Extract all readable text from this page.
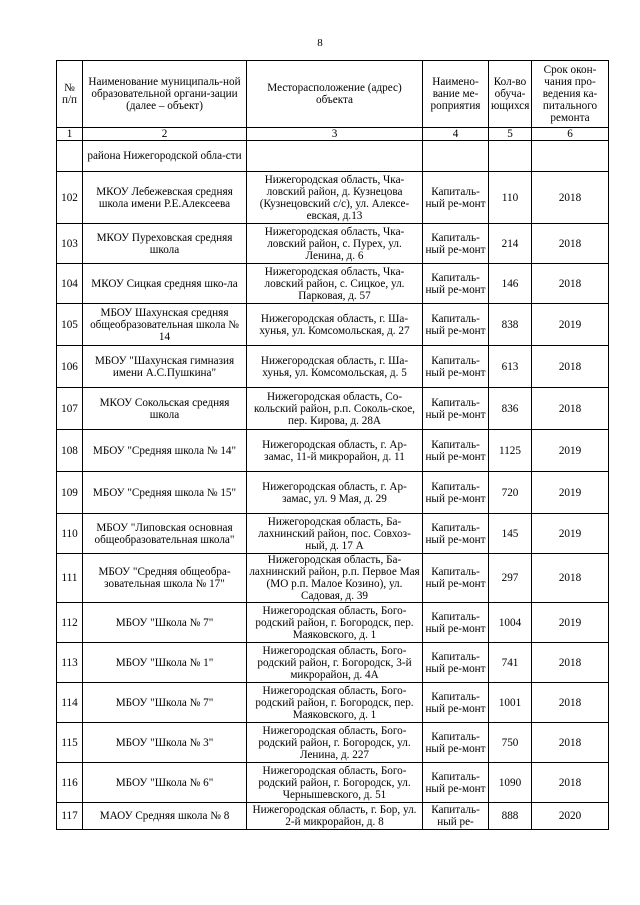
8
№ п/п	Наименование муниципаль-ной образовательной органи-зации (далее – объект)	Месторасположение (адрес) объекта	Наимено-вание ме-роприятия	Кол-во обуча-ющихся	Срок окон-чания про-ведения ка-питального ремонта
1	2	3	4	5	6
	района Нижегородской обла-сти				
102	МКОУ Лебежевская средняя школа имени Р.Е.Алексеева	Нижегородская область, Чка-ловский район, д. Кузнецова (Кузнецовский с/с), ул. Алексе-евская, д.13	Капиталь-ный ре-монт	110	2018
103	МКОУ Пуреховская средняя школа	Нижегородская область, Чка-ловский район, с. Пурех, ул. Ленина, д. 6	Капиталь-ный ре-монт	214	2018
104	МКОУ Сицкая средняя шко-ла	Нижегородская область, Чка-ловский район, с. Сицкое, ул. Парковая, д. 57	Капиталь-ный ре-монт	146	2018
105	МБОУ Шахунская средняя общеобразовательная школа № 14	Нижегородская область, г. Ша-хунья, ул. Комсомольская, д. 27	Капиталь-ный ре-монт	838	2019
106	МБОУ "Шахунская гимназия имени А.С.Пушкина"	Нижегородская область, г. Ша-хунья, ул. Комсомольская, д. 5	Капиталь-ный ре-монт	613	2018
107	МКОУ Сокольская средняя школа	Нижегородская область, Со-кольский район, р.п. Соколь-ское, пер. Кирова, д. 28А	Капиталь-ный ре-монт	836	2018
108	МБОУ "Средняя школа № 14"	Нижегородская область, г. Ар-замас, 11-й микрорайон, д. 11	Капиталь-ный ре-монт	1125	2019
109	МБОУ "Средняя школа № 15"	Нижегородская область, г. Ар-замас, ул. 9 Мая, д. 29	Капиталь-ный ре-монт	720	2019
110	МБОУ "Липовская основная общеобразовательная школа"	Нижегородская область, Ба-лахнинский район, пос. Совхоз-ный, д. 17 А	Капиталь-ный ре-монт	145	2019
111	МБОУ "Средняя общеобра-зовательная школа № 17"	Нижегородская область, Ба-лахнинский район, р.п. Первое Мая (МО р.п. Малое Козино), ул. Садовая, д. 39	Капиталь-ный ре-монт	297	2018
112	МБОУ "Школа № 7"	Нижегородская область, Бого-родский район, г. Богородск, пер. Маяковского, д. 1	Капиталь-ный ре-монт	1004	2019
113	МБОУ "Школа № 1"	Нижегородская область, Бого-родский район, г. Богородск, 3-й микрорайон, д. 4А	Капиталь-ный ре-монт	741	2018
114	МБОУ "Школа № 7"	Нижегородская область, Бого-родский район, г. Богородск, пер. Маяковского, д. 1	Капиталь-ный ре-монт	1001	2018
115	МБОУ "Школа № 3"	Нижегородская область, Бого-родский район, г. Богородск, ул. Ленина, д. 227	Капиталь-ный ре-монт	750	2018
116	МБОУ "Школа № 6"	Нижегородская область, Бого-родский район, г. Богородск, ул. Чернышевского, д. 51	Капиталь-ный ре-монт	1090	2018
117	МАОУ Средняя школа № 8	Нижегородская область, г. Бор, ул. 2-й микрорайон, д. 8	Капиталь-ный ре-	888	2020
